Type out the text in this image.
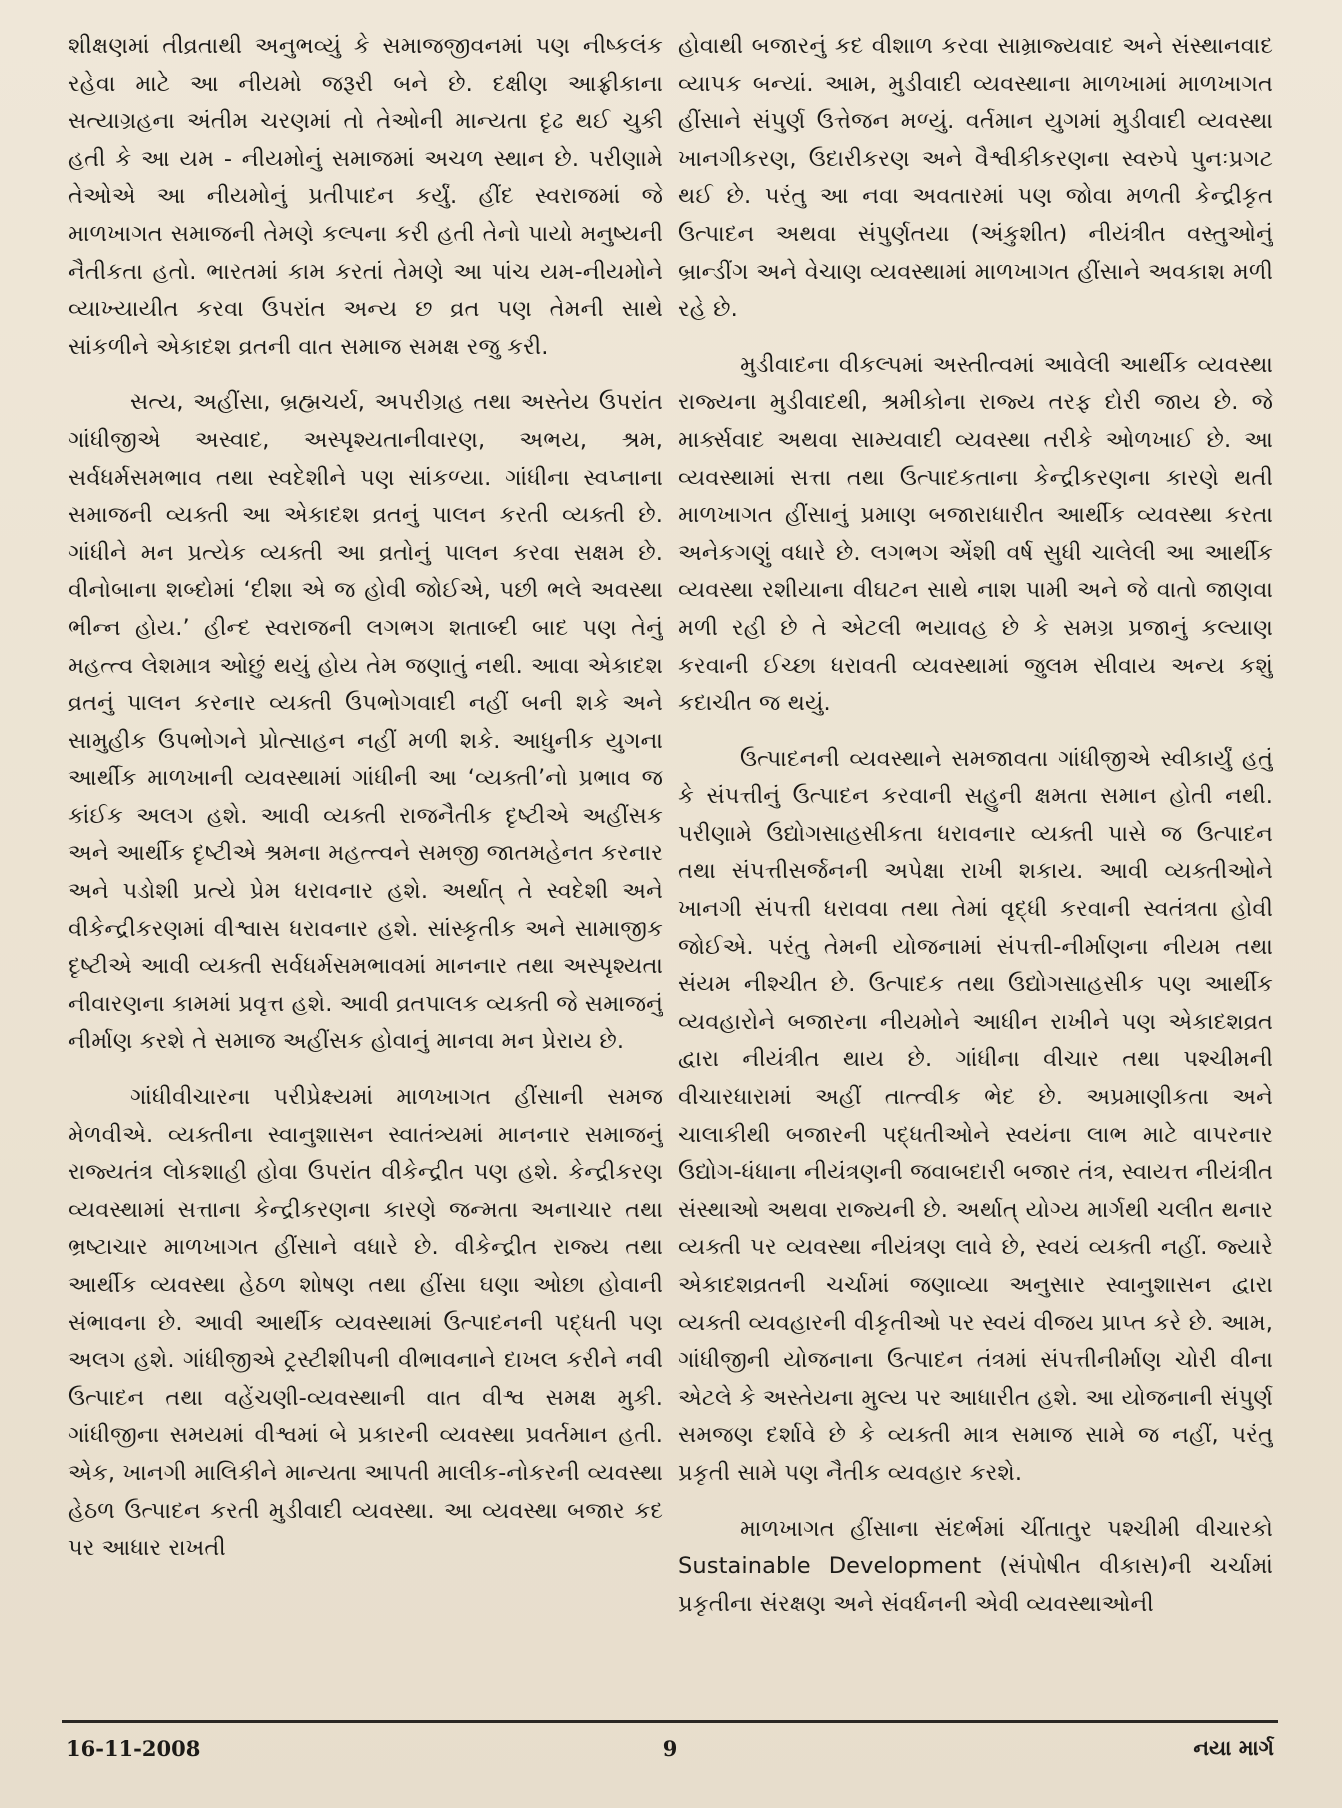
શીક્ષણમાં તીવ્રતાથી અનુભવ્યું કે સમાજજીવનમાં પણ નીષ્કલંક રહેવા માટે આ નીયમો જરૂરી બને છે. દક્ષીણ આફ્રીકાના સત્યાગ્રહના અંતીમ ચરણમાં તો તેઓની માન્યતા દૃઢ થઈ ચુકી હતી કે આ યમ - નીયમોનું સમાજમાં અચળ સ્થાન છે. પરીણામે તેઓએ આ નીયમોનું પ્રતીપાદન કર્યું. હીંદ સ્વરાજમાં જે માળખાગત સમાજની તેમણે કલ્પના કરી હતી તેનો પાયો મનુષ્યની નૈતીકતા હતો. ભારતમાં કામ કરતાં તેમણે આ પાંચ યમ-નીયમોને વ્યાખ્યાયીત કરવા ઉપરાંત અન્ય છ વ્રત પણ તેમની સાથે સાંકળીને એકાદશ વ્રતની વાત સમાજ સમક્ષ રજુ કરી.

સત્ય, અહીંસા, બ્રહ્મચર્ય, અપરીગ્રહ તથા અસ્તેય ઉપરાંત ગાંધીજીએ અસ્વાદ, અસ્પૃશ્યતાનીવારણ, અભય, શ્રમ, સર્વધર્મસમભાવ તથા સ્વદેશીને પણ સાંકળ્યા. ગાંધીના સ્વપ્નાના સમાજની વ્યક્તી આ એકાદશ વ્રતનું પાલન કરતી વ્યક્તી છે. ગાંધીને મન પ્રત્યેક વ્યક્તી આ વ્રતોનું પાલન કરવા સક્ષમ છે. વીનોબાના શબ્દોમાં ‘દીશા એ જ હોવી જોઈએ, પછી ભલે અવસ્થા ભીન્ન હોય.’ હીન્દ સ્વરાજની લગભગ શતાબ્દી બાદ પણ તેનું મહત્ત્વ લેશમાત્ર ઓછું થયું હોય તેમ જણાતું નથી. આવા એકાદશ વ્રતનું પાલન કરનાર વ્યક્તી ઉપભોગવાદી નહીં બની શકે અને સામુહીક ઉપભોગને પ્રોત્સાહન નહીં મળી શકે. આધુનીક યુગના આર્થીક માળખાની વ્યવસ્થામાં ગાંધીની આ ‘વ્યક્તી’નો પ્રભાવ જ કાંઈક અલગ હશે. આવી વ્યક્તી રાજનૈતીક દૃષ્ટીએ અહીંસક અને આર્થીક દૃષ્ટીએ શ્રમના મહત્ત્વને સમજી જાતમહેનત કરનાર અને પડોશી પ્રત્યે પ્રેમ ધરાવનાર હશે. અર્થાત્ તે સ્વદેશી અને વીકેન્દ્રીકરણમાં વીશ્વાસ ધરાવનાર હશે. સાંસ્કૃતીક અને સામાજીક દૃષ્ટીએ આવી વ્યક્તી સર્વધર્મસમભાવમાં માનનાર તથા અસ્પૃશ્યતા નીવારણના કામમાં પ્રવૃત્ત હશે. આવી વ્રતપાલક વ્યક્તી જે સમાજનું નીર્માણ કરશે તે સમાજ અહીંસક હોવાનું માનવા મન પ્રેરાય છે.

ગાંધીવીચારના પરીપ્રેક્ષ્યમાં માળખાગત હીંસાની સમજ મેળવીએ. વ્યક્તીના સ્વાનુશાસન સ્વાતંત્ર્યમાં માનનાર સમાજનું રાજ્યતંત્ર લોકશાહી હોવા ઉપરાંત વીકેન્દ્રીત પણ હશે. કેન્દ્રીકરણ વ્યવસ્થામાં સત્તાના કેન્દ્રીકરણના કારણે જન્મતા અનાચાર તથા ભ્રષ્ટાચાર માળખાગત હીંસાને વધારે છે. વીકેન્દ્રીત રાજ્ય તથા આર્થીક વ્યવસ્થા હેઠળ શોષણ તથા હીંસા ઘણા ઓછા હોવાની સંભાવના છે. આવી આર્થીક વ્યવસ્થામાં ઉત્પાદનની પદ્ધતી પણ અલગ હશે. ગાંધીજીએ ટ્રસ્ટીશીપની વીભાવનાને દાખલ કરીને નવી ઉત્પાદન તથા વહેંચણી-વ્યવસ્થાની વાત વીશ્વ સમક્ષ મુકી. ગાંધીજીના સમયમાં વીશ્વમાં બે પ્રકારની વ્યવસ્થા પ્રવર્તમાન હતી. એક, ખાનગી માલિકીને માન્યતા આપતી માલીક-નોકરની વ્યવસ્થા હેઠળ ઉત્પાદન કરતી મુડીવાદી વ્યવસ્થા. આ વ્યવસ્થા બજાર કદ પર આધાર રાખતી

હોવાથી બજારનું કદ વીશાળ કરવા સામ્રાજ્યવાદ અને સંસ્થાનવાદ વ્યાપક બન્યાં. આમ, મુડીવાદી વ્યવસ્થાના માળખામાં માળખાગત હીંસાને સંપુર્ણ ઉત્તેજન મળ્યું. વર્તમાન યુગમાં મુડીવાદી વ્યવસ્થા ખાનગીકરણ, ઉદારીકરણ અને વૈશ્વીકીકરણના સ્વરુપે પુનઃપ્રગટ થઈ છે. પરંતુ આ નવા અવતારમાં પણ જોવા મળતી કેન્દ્રીકૃત ઉત્પાદન અથવા સંપુર્ણતયા (અંકુશીત) નીયંત્રીત વસ્તુઓનું બ્રાન્ડીંગ અને વેચાણ વ્યવસ્થામાં માળખાગત હીંસાને અવકાશ મળી રહે છે.

મુડીવાદના વીકલ્પમાં અસ્તીત્વમાં આવેલી આર્થીક વ્યવસ્થા રાજ્યના મુડીવાદથી, શ્રમીકોના રાજ્ય તરફ દોરી જાય છે. જે માર્ક્સવાદ અથવા સામ્યવાદી વ્યવસ્થા તરીકે ઓળખાઈ છે. આ વ્યવસ્થામાં સત્તા તથા ઉત્પાદકતાના કેન્દ્રીકરણના કારણે થતી માળખાગત હીંસાનું પ્રમાણ બજારાધારીત આર્થીક વ્યવસ્થા કરતા અનેકગણું વધારે છે. લગભગ એંશી વર્ષ સુધી ચાલેલી આ આર્થીક વ્યવસ્થા રશીયાના વીઘટન સાથે નાશ પામી અને જે વાતો જાણવા મળી રહી છે તે એટલી ભયાવહ છે કે સમગ્ર પ્રજાનું કલ્યાણ કરવાની ઈચ્છા ધરાવતી વ્યવસ્થામાં જુલમ સીવાય અન્ય કશું કદાચીત જ થયું.

ઉત્પાદનની વ્યવસ્થાને સમજાવતા ગાંધીજીએ સ્વીકાર્યું હતું કે સંપત્તીનું ઉત્પાદન કરવાની સહુની ક્ષમતા સમાન હોતી નથી. પરીણામે ઉદ્યોગસાહસીકતા ધરાવનાર વ્યક્તી પાસે જ ઉત્પાદન તથા સંપત્તીસર્જનની અપેક્ષા રાખી શકાય. આવી વ્યક્તીઓને ખાનગી સંપત્તી ધરાવવા તથા તેમાં વૃદ્ધી કરવાની સ્વતંત્રતા હોવી જોઈએ. પરંતુ તેમની યોજનામાં સંપત્તી-નીર્માણના નીયમ તથા સંયમ નીશ્ચીત છે. ઉત્પાદક તથા ઉદ્યોગસાહસીક પણ આર્થીક વ્યવહારોને બજારના નીયમોને આધીન રાખીને પણ એકાદશવ્રત દ્વારા નીયંત્રીત થાય છે. ગાંધીના વીચાર તથા પશ્ચીમની વીચારધારામાં અહીં તાત્ત્વીક ભેદ છે. અપ્રમાણીકતા અને ચાલાકીથી બજારની પદ્ધતીઓને સ્વયંના લાભ માટે વાપરનાર ઉદ્યોગ-ધંધાના નીયંત્રણની જવાબદારી બજાર તંત્ર, સ્વાયત્ત નીયંત્રીત સંસ્થાઓ અથવા રાજ્યની છે. અર્થાત્ યોગ્ય માર્ગથી ચલીત થનાર વ્યક્તી પર વ્યવસ્થા નીયંત્રણ લાવે છે, સ્વયં વ્યક્તી નહીં. જ્યારે એકાદશવ્રતની ચર્ચામાં જણાવ્યા અનુસાર સ્વાનુશાસન દ્વારા વ્યક્તી વ્યવહારની વીકૃતીઓ પર સ્વયં વીજય પ્રાપ્ત કરે છે. આમ, ગાંધીજીની યોજનાના ઉત્પાદન તંત્રમાં સંપત્તીનીર્માણ ચોરી વીના એટલે કે અસ્તેયના મુલ્ય પર આધારીત હશે. આ યોજનાની સંપુર્ણ સમજણ દર્શાવે છે કે વ્યક્તી માત્ર સમાજ સામે જ નહીં, પરંતુ પ્રકૃતી સામે પણ નૈતીક વ્યવહાર કરશે.

માળખાગત હીંસાના સંદર્ભમાં ચીંતાતુર પશ્ચીમી વીચારકો Sustainable Development (સંપોષીત વીકાસ)ની ચર્ચામાં પ્રકૃતીના સંરક્ષણ અને સંવર્ધનની એવી વ્યવસ્થાઓની

16-11-2008	9	નયા માર્ગ
